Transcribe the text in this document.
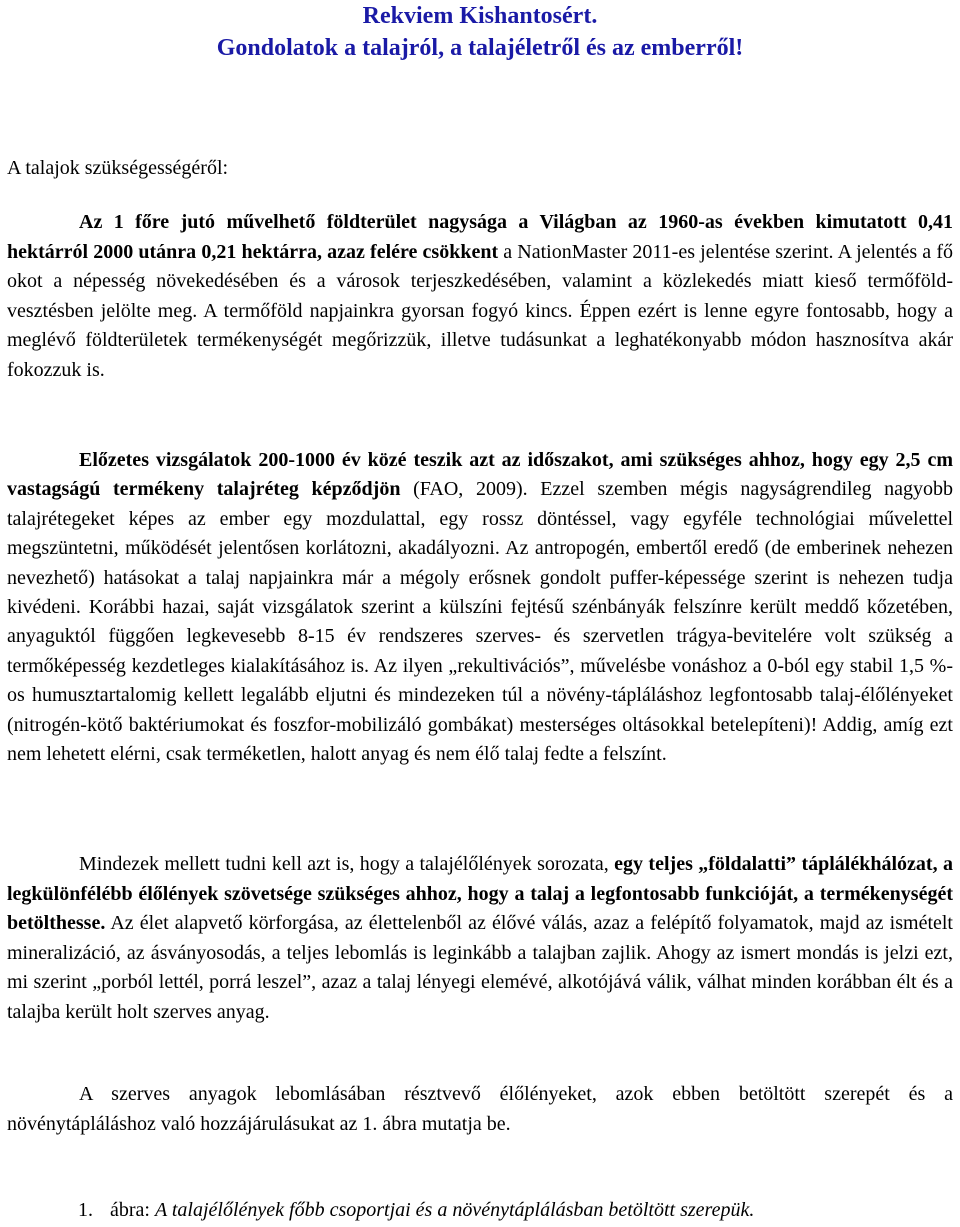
Rekviem Kishantosért.
Gondolatok a talajról, a talajéletről és az emberről!

A talajok szükségességéről:

Az 1 főre jutó művelhető földterület nagysága a Világban az 1960-as években kimutatott 0,41 hektárról 2000 utánra 0,21 hektárra, azaz felére csökkent a NationMaster 2011-es jelentése szerint. A jelentés a fő okot a népesség növekedésében és a városok terjeszkedésében, valamint a közlekedés miatt kieső termőföld-vesztésben jelölte meg. A termőföld napjainkra gyorsan fogyó kincs. Éppen ezért is lenne egyre fontosabb, hogy a meglévő földterületek termékenységét megőrizzük, illetve tudásunkat a leghatékonyabb módon hasznosítva akár fokozzuk is.

Előzetes vizsgálatok 200-1000 év közé teszik azt az időszakot, ami szükséges ahhoz, hogy egy 2,5 cm vastagságú termékeny talajréteg képződjön (FAO, 2009). Ezzel szemben mégis nagyságrendileg nagyobb talajrétegeket képes az ember egy mozdulattal, egy rossz döntéssel, vagy egyféle technológiai művelettel megszüntetni, működését jelentősen korlátozni, akadályozni. Az antropogén, embertől eredő (de emberinek nehezen nevezhető) hatásokat a talaj napjainkra már a mégoly erősnek gondolt puffer-képessége szerint is nehezen tudja kivédeni. Korábbi hazai, saját vizsgálatok szerint a külszíni fejtésű szénbányák felszínre került meddő kőzetében, anyaguktól függően legkevesebb 8-15 év rendszeres szerves- és szervetlen trágya-bevitelére volt szükség a termőképesség kezdetleges kialakításához is. Az ilyen „rekultivációs”, művelésbe vonáshoz a 0-ból egy stabil 1,5 %-os humusztartalomig kellett legalább eljutni és mindezeken túl a növény-tápláláshoz legfontosabb talaj-élőlényeket (nitrogén-kötő baktériumokat és foszfor-mobilizáló gombákat) mesterséges oltásokkal betelepíteni)! Addig, amíg ezt nem lehetett elérni, csak terméketlen, halott anyag és nem élő talaj fedte a felszínt.

Mindezek mellett tudni kell azt is, hogy a talajélőlények sorozata, egy teljes „földalatti” táplálékhálózat, a legkülönfélébb élőlények szövetsége szükséges ahhoz, hogy a talaj a legfontosabb funkcióját, a termékenységét betölthesse. Az élet alapvető körforgása, az élettelenből az élővé válás, azaz a felépítő folyamatok, majd az ismételt mineralizáció, az ásványosodás, a teljes lebomlás is leginkább a talajban zajlik. Ahogy az ismert mondás is jelzi ezt, mi szerint „porból lettél, porrá leszel”, azaz a talaj lényegi elemévé, alkotójává válik, válhat minden korábban élt és a talajba került holt szerves anyag.

A szerves anyagok lebomlásában résztvevő élőlényeket, azok ebben betöltött szerepét és a növénytápláláshoz való hozzájárulásukat az 1. ábra mutatja be.

1. ábra: A talajélőlények főbb csoportjai és a növénytáplálásban betöltött szerepük.
